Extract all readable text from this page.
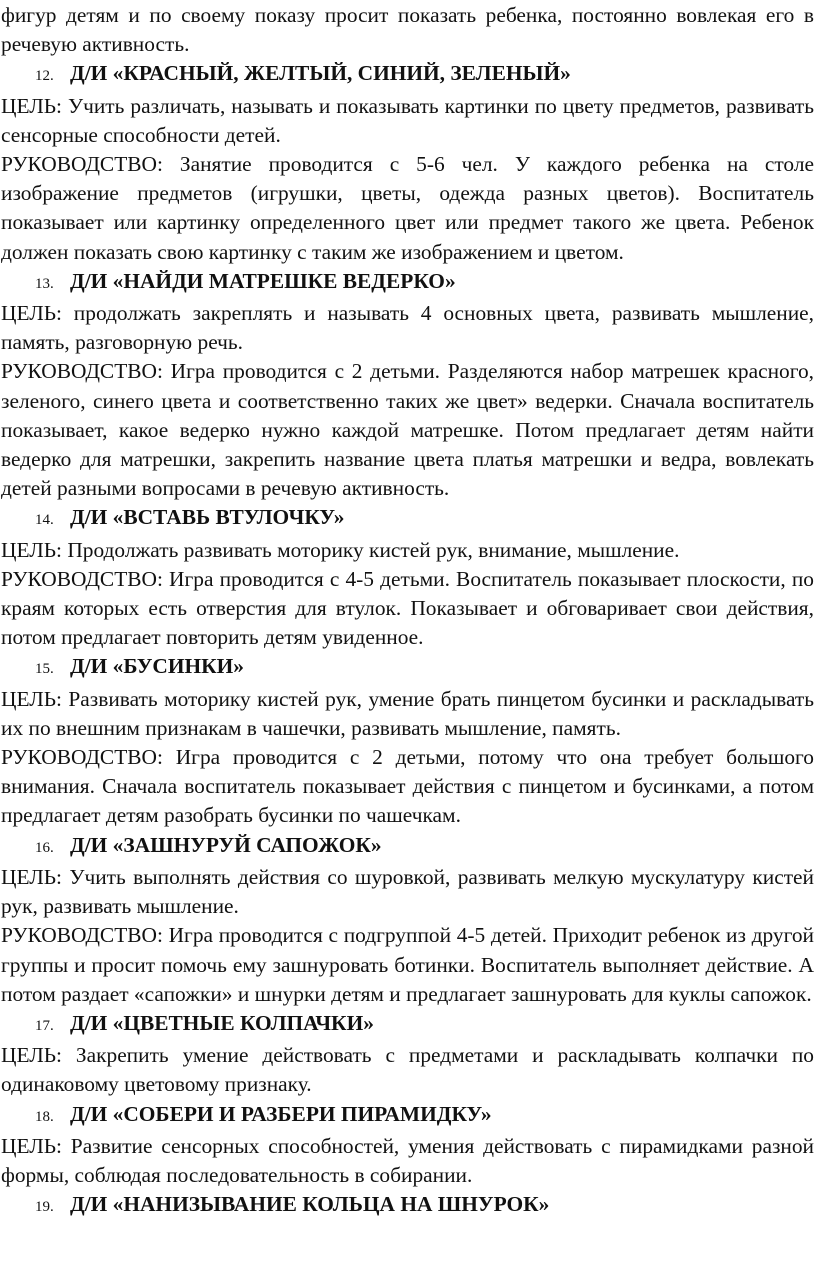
фигур детям и по своему показу просит показать ребенка, постоянно вовлекая его в речевую активность.

12. Д/И «КРАСНЫЙ, ЖЕЛТЫЙ, СИНИЙ, ЗЕЛЕНЫЙ»

ЦЕЛЬ: Учить различать, называть и показывать картинки по цвету предметов, развивать сенсорные способности детей.

РУКОВОДСТВО: Занятие проводится с 5-6 чел. У каждого ребенка на столе изображение предметов (игрушки, цветы, одежда разных цветов). Воспитатель показывает или картинку определенного цвет или предмет такого же цвета. Ребенок должен показать свою картинку с таким же изображением и цветом.

13. Д/И «НАЙДИ МАТРЕШКЕ ВЕДЕРКО»

ЦЕЛЬ: продолжать закреплять и называть 4 основных цвета, развивать мышление, память, разговорную речь.

РУКОВОДСТВО: Игра проводится с 2 детьми. Разделяются набор матрешек красного, зеленого, синего цвета и соответственно таких же цвет» ведерки. Сначала воспитатель показывает, какое ведерко нужно каждой матрешке. Потом предлагает детям найти ведерко для матрешки, закрепить название цвета платья матрешки и ведра, вовлекать детей разными вопросами в речевую активность.

14. Д/И «ВСТАВЬ ВТУЛОЧКУ»

ЦЕЛЬ: Продолжать развивать моторику кистей рук, внимание, мышление.

РУКОВОДСТВО: Игра проводится с 4-5 детьми. Воспитатель показывает плоскости, по краям которых есть отверстия для втулок. Показывает и обговаривает свои действия, потом предлагает повторить детям увиденное.

15. Д/И «БУСИНКИ»

ЦЕЛЬ: Развивать моторику кистей рук, умение брать пинцетом бусинки и раскладывать их по внешним признакам в чашечки, развивать мышление, память.

РУКОВОДСТВО: Игра проводится с 2 детьми, потому что она требует большого внимания. Сначала воспитатель показывает действия с пинцетом и бусинками, а потом предлагает детям разобрать бусинки по чашечкам.

16. Д/И «ЗАШНУРУЙ САПОЖОК»

ЦЕЛЬ: Учить выполнять действия со шуровкой, развивать мелкую мускулатуру кистей рук, развивать мышление.

РУКОВОДСТВО: Игра проводится с подгруппой 4-5 детей. Приходит ребенок из другой группы и просит помочь ему зашнуровать ботинки. Воспитатель выполняет действие. А потом раздает «сапожки» и шнурки детям и предлагает зашнуровать для куклы сапожок.

17. Д/И «ЦВЕТНЫЕ КОЛПАЧКИ»

ЦЕЛЬ: Закрепить умение действовать с предметами и раскладывать колпачки по одинаковому цветовому признаку.

18. Д/И «СОБЕРИ И РАЗБЕРИ ПИРАМИДКУ»

ЦЕЛЬ: Развитие сенсорных способностей, умения действовать с пирамидками разной формы, соблюдая последовательность в собирании.

19. Д/И «НАНИЗЫВАНИЕ КОЛЬЦА НА ШНУРОК»
